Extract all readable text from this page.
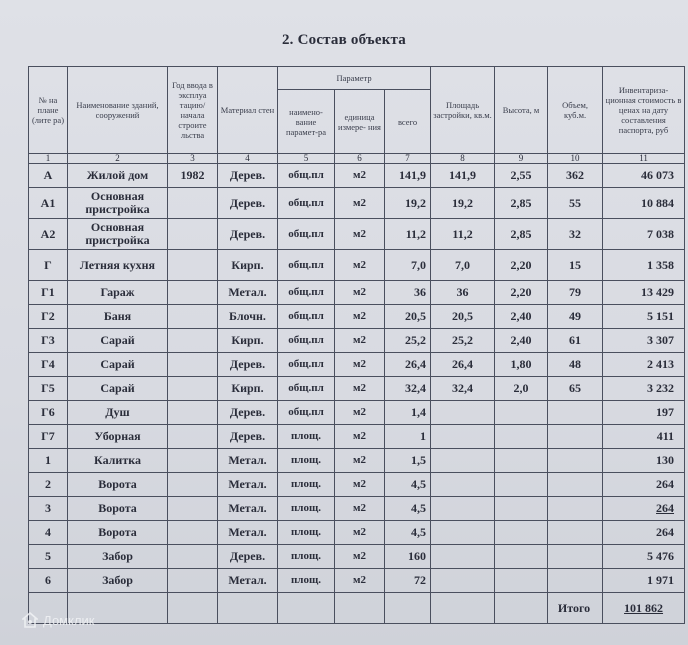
2. Состав объекта
№ на плане (лите ра)	Наименование зданий, сооружений	Год ввода в эксплуа тацию/ начала строите льства	Материал стен	Параметр			Площадь застройки, кв.м.	Высота, м	Объем, куб.м.	Инвентариза- ционная стоимость в ценах на дату составления паспорта, руб
				наимено- вание парамет-ра	единица измере- ния	всего				
1	2	3	4	5	6	7	8	9	10	11
А	Жилой дом	1982	Дерев.	общ.пл	м2	141,9	141,9	2,55	362	46 073
А1	Основная пристройка		Дерев.	общ.пл	м2	19,2	19,2	2,85	55	10 884
А2	Основная пристройка		Дерев.	общ.пл	м2	11,2	11,2	2,85	32	7 038
Г	Летняя кухня		Кирп.	общ.пл	м2	7,0	7,0	2,20	15	1 358
Г1	Гараж		Метал.	общ.пл	м2	36	36	2,20	79	13 429
Г2	Баня		Блочн.	общ.пл	м2	20,5	20,5	2,40	49	5 151
Г3	Сарай		Кирп.	общ.пл	м2	25,2	25,2	2,40	61	3 307
Г4	Сарай		Дерев.	общ.пл	м2	26,4	26,4	1,80	48	2 413
Г5	Сарай		Кирп.	общ.пл	м2	32,4	32,4	2,0	65	3 232
Г6	Душ		Дерев.	общ.пл	м2	1,4				197
Г7	Уборная		Дерев.	площ.	м2	1				411
1	Калитка		Метал.	площ.	м2	1,5				130
2	Ворота		Метал.	площ.	м2	4,5				264
3	Ворота		Метал.	площ.	м2	4,5				264
4	Ворота		Метал.	площ.	м2	4,5				264
5	Забор		Дерев.	площ.	м2	160				5 476
6	Забор		Метал.	площ.	м2	72				1 971
									Итого	101 862
Домклик
